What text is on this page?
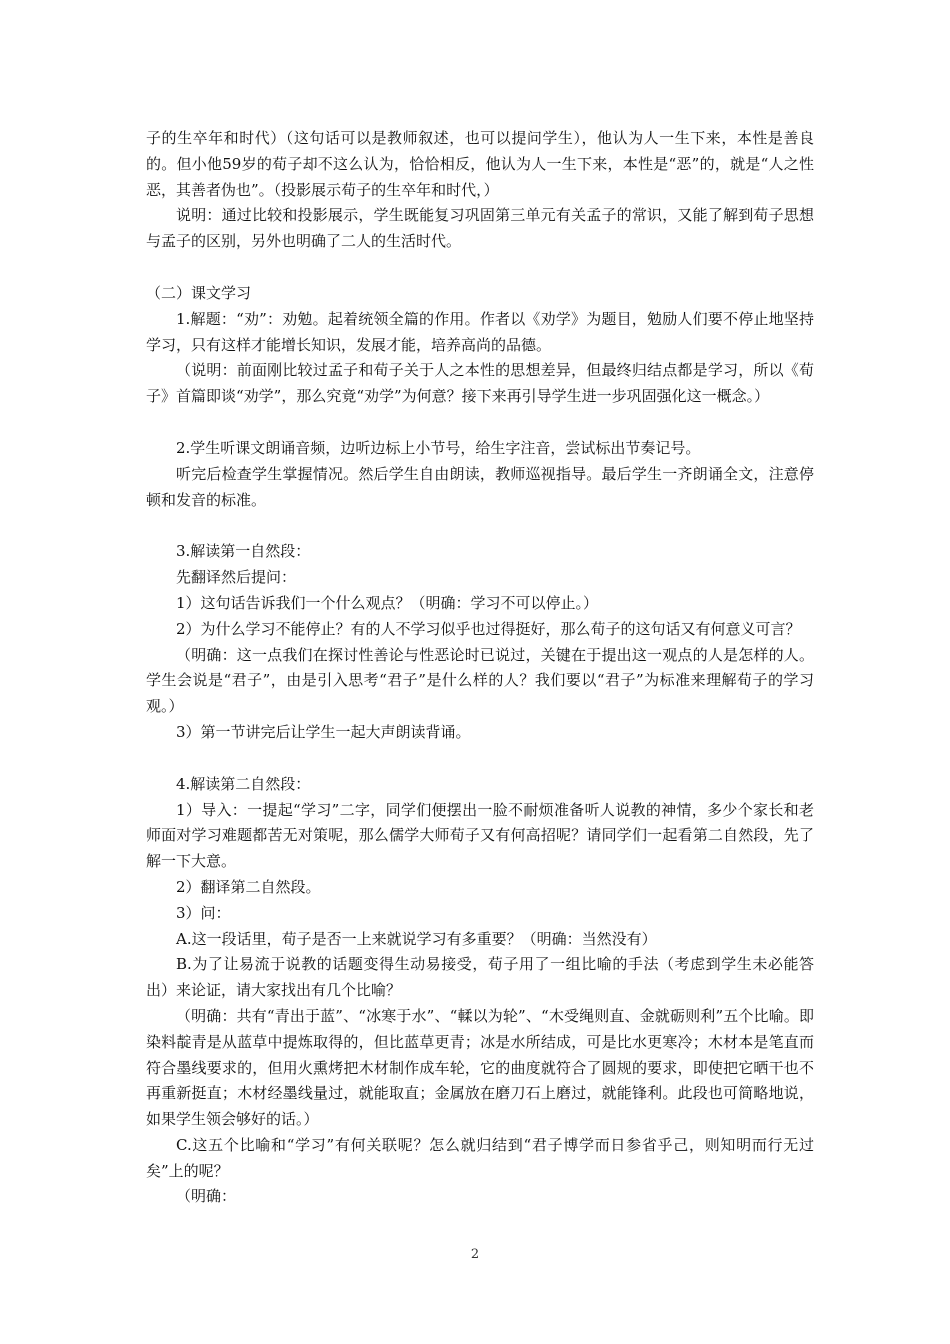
子的生卒年和时代）（这句话可以是教师叙述，也可以提问学生），他认为人一生下来，本性是善良的。但小他59岁的荀子却不这么认为，恰恰相反，他认为人一生下来，本性是“恶”的，就是“人之性恶，其善者伪也”。（投影展示荀子的生卒年和时代，）

说明：通过比较和投影展示，学生既能复习巩固第三单元有关孟子的常识，又能了解到荀子思想与孟子的区别，另外也明确了二人的生活时代。

（二）课文学习

1.解题：“劝”：劝勉。起着统领全篇的作用。作者以《劝学》为题目，勉励人们要不停止地坚持学习，只有这样才能增长知识，发展才能，培养高尚的品德。

（说明：前面刚比较过孟子和荀子关于人之本性的思想差异，但最终归结点都是学习，所以《荀子》首篇即谈“劝学”，那么究竟“劝学”为何意？接下来再引导学生进一步巩固强化这一概念。）

2.学生听课文朗诵音频，边听边标上小节号，给生字注音，尝试标出节奏记号。

听完后检查学生掌握情况。然后学生自由朗读，教师巡视指导。最后学生一齐朗诵全文，注意停顿和发音的标准。

3.解读第一自然段：

先翻译然后提问：

1）这句话告诉我们一个什么观点？（明确：学习不可以停止。）

2）为什么学习不能停止？有的人不学习似乎也过得挺好，那么荀子的这句话又有何意义可言？

（明确：这一点我们在探讨性善论与性恶论时已说过，关键在于提出这一观点的人是怎样的人。学生会说是“君子”，由是引入思考“君子”是什么样的人？我们要以“君子”为标准来理解荀子的学习观。）

3）第一节讲完后让学生一起大声朗读背诵。

4.解读第二自然段：

1）导入：一提起“学习”二字，同学们便摆出一脸不耐烦准备听人说教的神情，多少个家长和老师面对学习难题都苦无对策呢，那么儒学大师荀子又有何高招呢？请同学们一起看第二自然段，先了解一下大意。

2）翻译第二自然段。

3）问：

A.这一段话里，荀子是否一上来就说学习有多重要？（明确：当然没有）

B.为了让易流于说教的话题变得生动易接受，荀子用了一组比喻的手法（考虑到学生未必能答出）来论证，请大家找出有几个比喻？

（明确：共有“青出于蓝”、“冰寒于水”、“輮以为轮”、“木受绳则直、金就砺则利”五个比喻。即染料靛青是从蓝草中提炼取得的，但比蓝草更青；冰是水所结成，可是比水更寒冷；木材本是笔直而符合墨线要求的，但用火熏烤把木材制作成车轮，它的曲度就符合了圆规的要求，即使把它晒干也不再重新挺直；木材经墨线量过，就能取直；金属放在磨刀石上磨过，就能锋利。此段也可简略地说，如果学生领会够好的话。）

C.这五个比喻和“学习”有何关联呢？怎么就归结到“君子博学而日参省乎己，则知明而行无过矣”上的呢？

（明确：

2
